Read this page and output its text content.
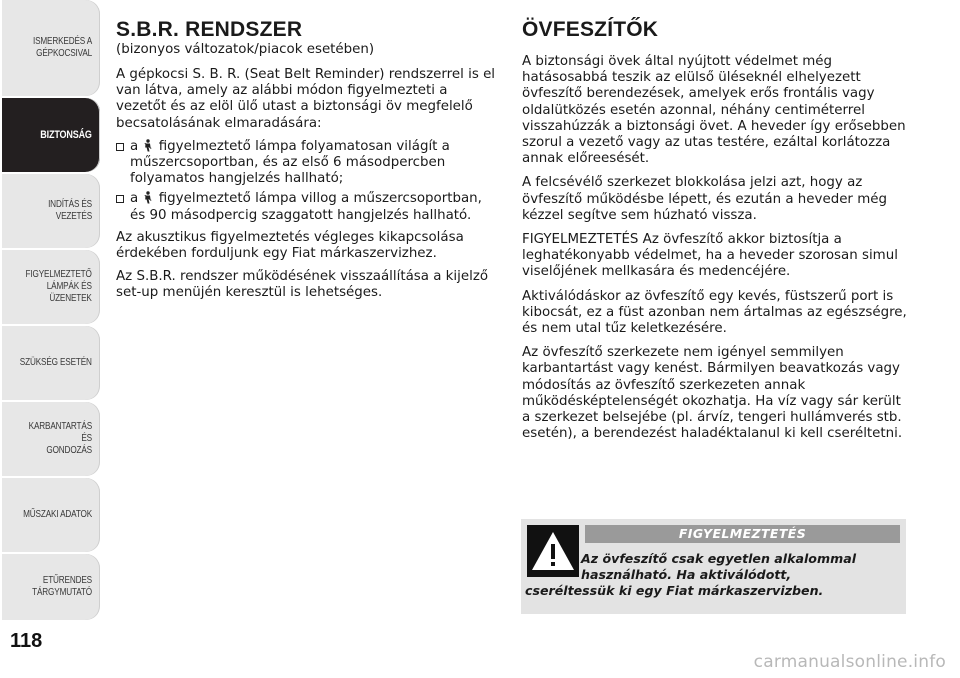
ISMERKEDÉS A
GÉPKOCSIVAL
BIZTONSÁG
INDÍTÁS ÉS VEZETÉS
FIGYELMEZTETŐ
LÁMPÁK ÉS
ÜZENETEK
SZÜKSÉG ESETÉN
KARBANTARTÁS ÉS
GONDOZÁS
MŰSZAKI ADATOK
ETŰRENDES
TÁRGYMUTATÓ
118
S.B.R. RENDSZER
(bizonyos változatok/piacok esetében)

A gépkocsi S. B. R. (Seat Belt Reminder) rendszerrel is el van látva, amely az alábbi módon figyelmezteti a vezetőt és az elöl ülő utast a biztonsági öv megfelelő becsatolásának elmaradására:

a figyelmeztető lámpa folyamatosan világít a műszercsoportban, és az első 6 másodpercben folyamatos hangjelzés hallható;
a figyelmeztető lámpa villog a műszercsoportban, és 90 másodpercig szaggatott hangjelzés hallható.

Az akusztikus figyelmeztetés végleges kikapcsolása érdekében forduljunk egy Fiat márkaszervizhez.

Az S.B.R. rendszer működésének visszaállítása a kijelző set-up menüjén keresztül is lehetséges.

ÖVFESZÍTŐK

A biztonsági övek által nyújtott védelmet még hatásosabbá teszik az elülső üléseknél elhelyezett övfeszítő berendezések, amelyek erős frontális vagy oldalütközés esetén azonnal, néhány centiméterrel visszahúzzák a biztonsági övet. A heveder így erősebben szorul a vezető vagy az utas testére, ezáltal korlátozza annak előreesését.

A felcsévélő szerkezet blokkolása jelzi azt, hogy az övfeszítő működésbe lépett, és ezután a heveder még kézzel segítve sem húzható vissza.

FIGYELMEZTETÉS Az övfeszítő akkor biztosítja a leghatékonyabb védelmet, ha a heveder szorosan simul viselőjének mellkasára és medencéjére.

Aktiválódáskor az övfeszítő egy kevés, füstszerű port is kibocsát, ez a füst azonban nem ártalmas az egészségre, és nem utal tűz keletkezésére.

Az övfeszítő szerkezete nem igényel semmilyen karbantartást vagy kenést. Bármilyen beavatkozás vagy módosítás az övfeszítő szerkezeten annak működésképtelenségét okozhatja. Ha víz vagy sár került a szerkezet belsejébe (pl. árvíz, tengeri hullámverés stb. esetén), a berendezést haladéktalanul ki kell cseréltetni.

FIGYELMEZTETÉS
Az övfeszítő csak egyetlen alkalommal
használható. Ha aktiválódott,
cseréltessük ki egy Fiat márkaszervizben.
carmanualsonline.info
